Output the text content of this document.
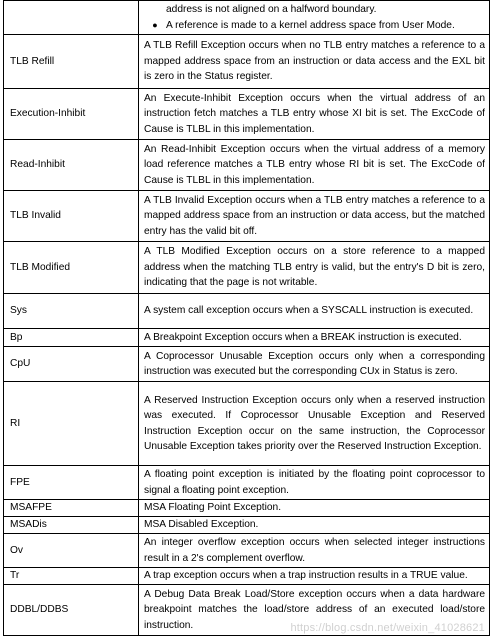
	address is not aligned on a halfword boundary.
● A reference is made to a kernel address space from User Mode.

TLB Refill	A TLB Refill Exception occurs when no TLB entry matches a reference to a mapped address space from an instruction or data access and the EXL bit is zero in the Status register.
Execution-Inhibit	An Execute-Inhibit Exception occurs when the virtual address of an instruction fetch matches a TLB entry whose XI bit is set. The ExcCode of Cause is TLBL in this implementation.
Read-Inhibit	An Read-Inhibit Exception occurs when the virtual address of a memory load reference matches a TLB entry whose RI bit is set. The ExcCode of Cause is TLBL in this implementation.
TLB Invalid	A TLB Invalid Exception occurs when a TLB entry matches a reference to a mapped address space from an instruction or data access, but the matched entry has the valid bit off.
TLB Modified	A TLB Modified Exception occurs on a store reference to a mapped address when the matching TLB entry is valid, but the entry's D bit is zero, indicating that the page is not writable.
Sys	A system call exception occurs when a SYSCALL instruction is executed.
Bp	A Breakpoint Exception occurs when a BREAK instruction is executed.
CpU	A Coprocessor Unusable Exception occurs only when a corresponding instruction was executed but the corresponding CUx in Status is zero.
RI	A Reserved Instruction Exception occurs only when a reserved instruction was executed. If Coprocessor Unusable Exception and Reserved Instruction Exception occur on the same instruction, the Coprocessor Unusable Exception takes priority over the Reserved Instruction Exception.
FPE	A floating point exception is initiated by the floating point coprocessor to signal a floating point exception.
MSAFPE	MSA Floating Point Exception.
MSADis	MSA Disabled Exception.
Ov	An integer overflow exception occurs when selected integer instructions result in a 2's complement overflow.
Tr	A trap exception occurs when a trap instruction results in a TRUE value.
DDBL/DDBS	A Debug Data Break Load/Store exception occurs when a data hardware breakpoint matches the load/store address of an executed load/store instruction.	https://blog.csdn.net/weixin_41028621
